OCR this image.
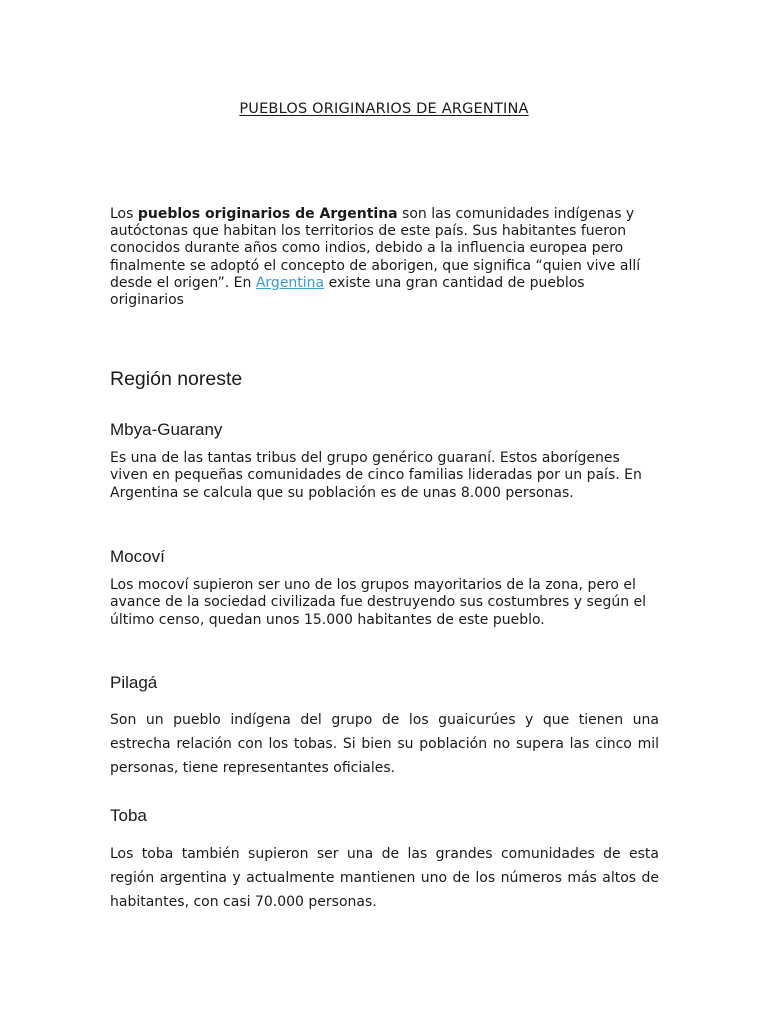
PUEBLOS ORIGINARIOS DE ARGENTINA

Los pueblos originarios de Argentina son las comunidades indígenas y autóctonas que habitan los territorios de este país. Sus habitantes fueron conocidos durante años como indios, debido a la influencia europea pero finalmente se adoptó el concepto de aborigen, que significa “quien vive allí desde el origen”. En Argentina existe una gran cantidad de pueblos originarios

Región noreste
Mbya-Guarany

Es una de las tantas tribus del grupo genérico guaraní. Estos aborígenes viven en pequeñas comunidades de cinco familias lideradas por un país. En Argentina se calcula que su población es de unas 8.000 personas.

Mocoví

Los mocoví supieron ser uno de los grupos mayoritarios de la zona, pero el avance de la sociedad civilizada fue destruyendo sus costumbres y según el último censo, quedan unos 15.000 habitantes de este pueblo.

Pilagá

Son un pueblo indígena del grupo de los guaicurúes y que tienen una estrecha relación con los tobas. Si bien su población no supera las cinco mil personas, tiene representantes oficiales.

Toba

Los toba también supieron ser una de las grandes comunidades de esta región argentina y actualmente mantienen uno de los números más altos de habitantes, con casi 70.000 personas.
